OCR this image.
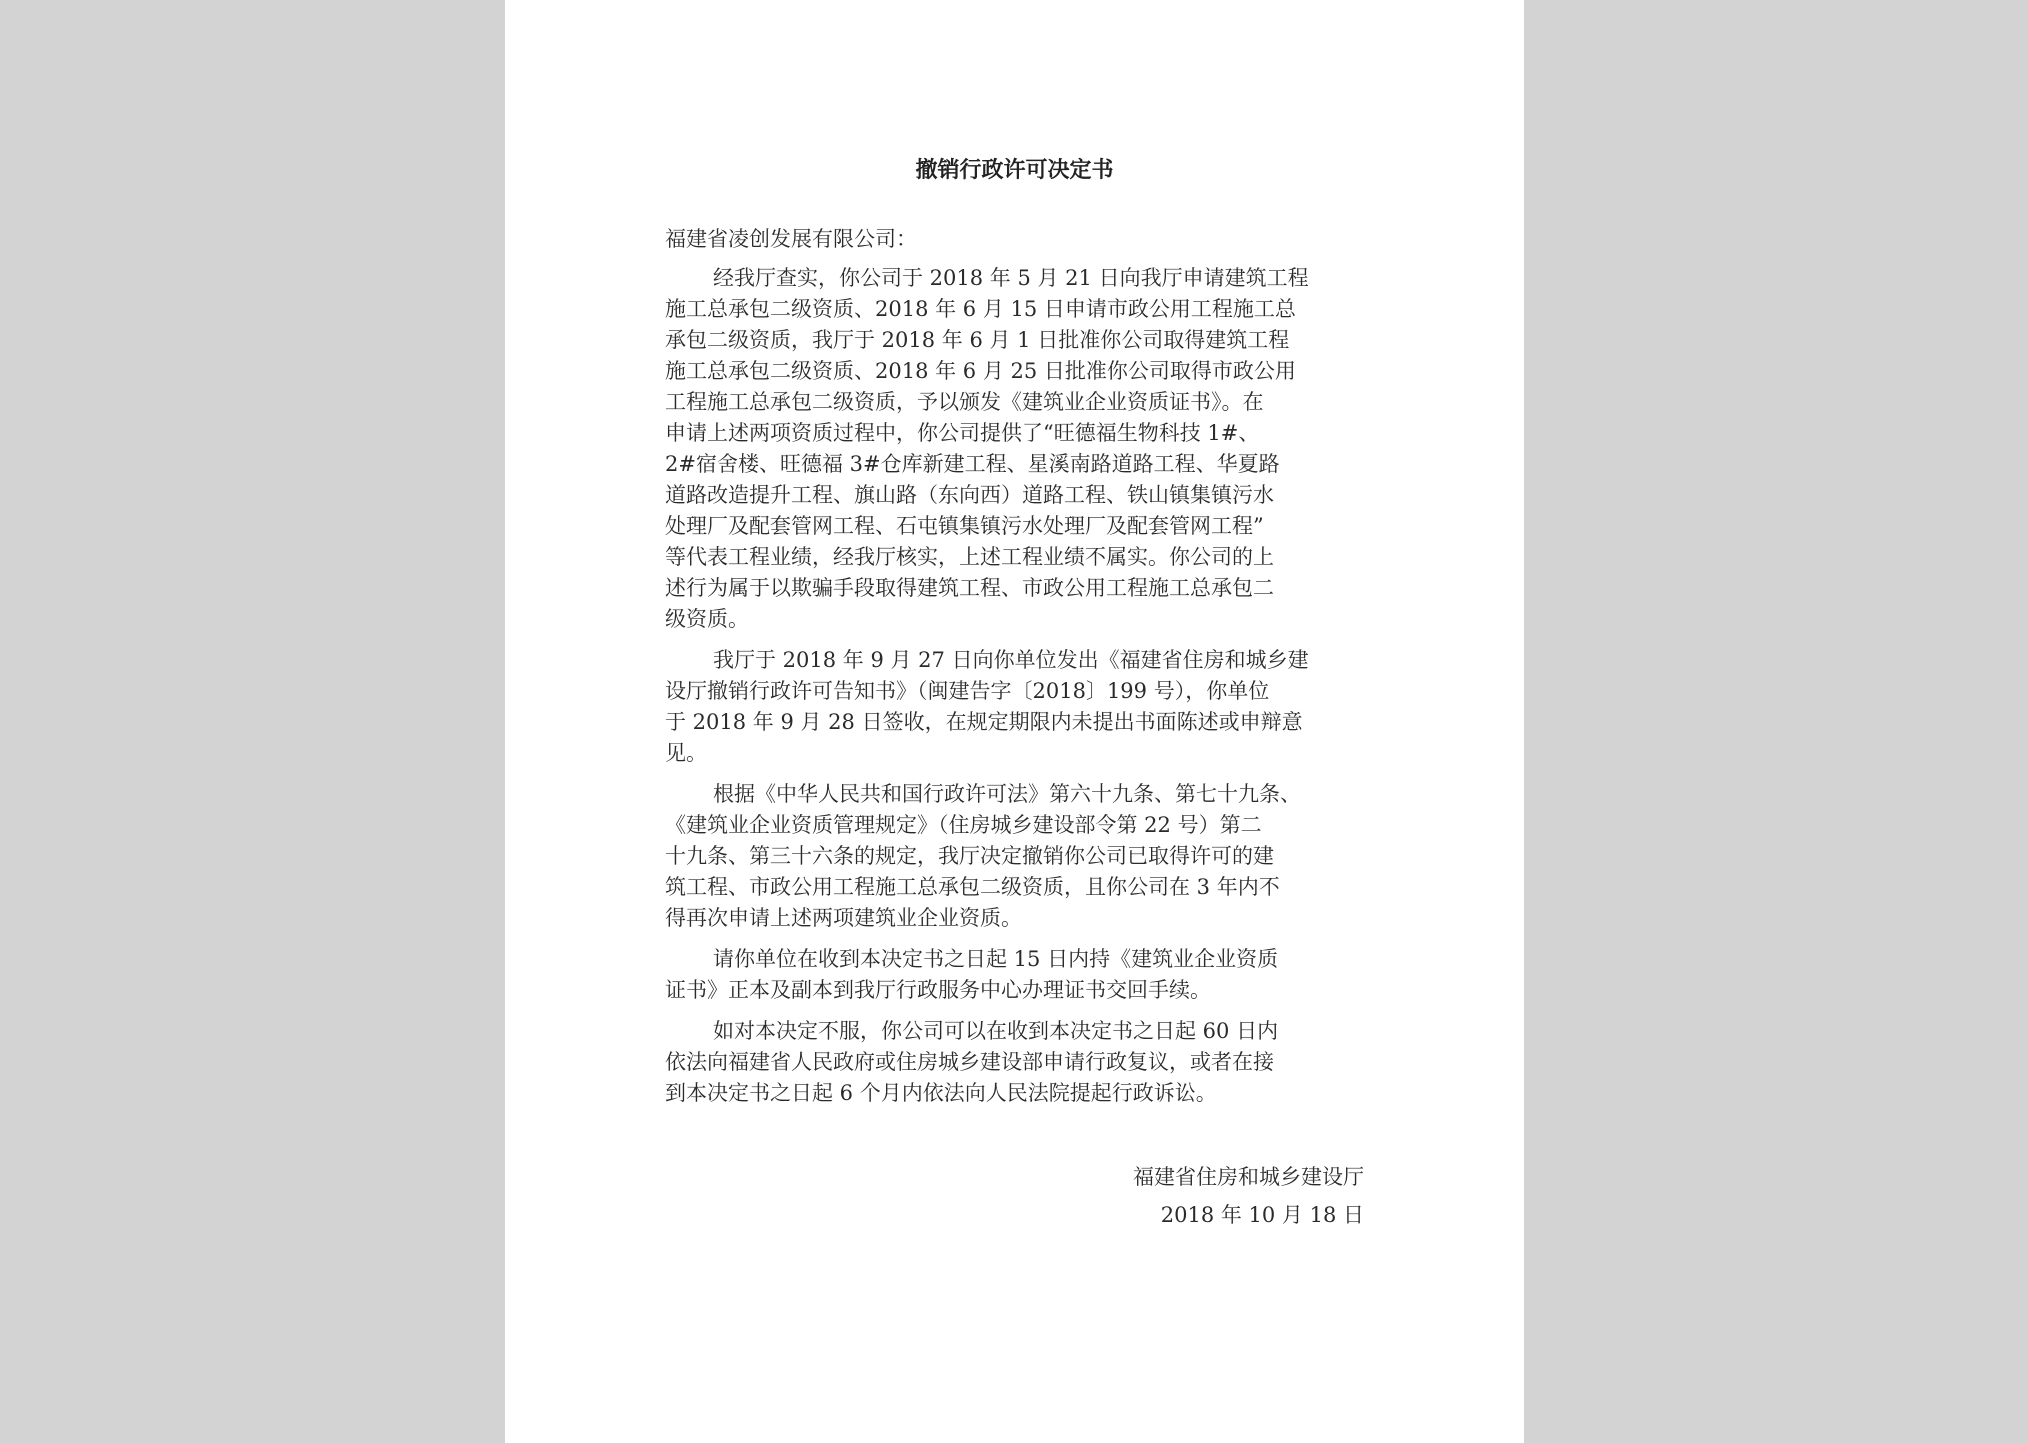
撤销行政许可决定书
福建省凌创发展有限公司：
经我厅查实，你公司于 2018 年 5 月 21 日向我厅申请建筑工程
施工总承包二级资质、2018 年 6 月 15 日申请市政公用工程施工总
承包二级资质，我厅于 2018 年 6 月 1 日批准你公司取得建筑工程
施工总承包二级资质、2018 年 6 月 25 日批准你公司取得市政公用
工程施工总承包二级资质，予以颁发《建筑业企业资质证书》。在
申请上述两项资质过程中，你公司提供了“旺德福生物科技 1#、
2#宿舍楼、旺德福 3#仓库新建工程、星溪南路道路工程、华夏路
道路改造提升工程、旗山路（东向西）道路工程、铁山镇集镇污水
处理厂及配套管网工程、石屯镇集镇污水处理厂及配套管网工程”
等代表工程业绩，经我厅核实，上述工程业绩不属实。你公司的上
述行为属于以欺骗手段取得建筑工程、市政公用工程施工总承包二
级资质。
我厅于 2018 年 9 月 27 日向你单位发出《福建省住房和城乡建
设厅撤销行政许可告知书》（闽建告字〔2018〕199 号），你单位
于 2018 年 9 月 28 日签收，在规定期限内未提出书面陈述或申辩意
见。
根据《中华人民共和国行政许可法》第六十九条、第七十九条、
《建筑业企业资质管理规定》（住房城乡建设部令第 22 号）第二
十九条、第三十六条的规定，我厅决定撤销你公司已取得许可的建
筑工程、市政公用工程施工总承包二级资质，且你公司在 3 年内不
得再次申请上述两项建筑业企业资质。
请你单位在收到本决定书之日起 15 日内持《建筑业企业资质
证书》正本及副本到我厅行政服务中心办理证书交回手续。
如对本决定不服，你公司可以在收到本决定书之日起 60 日内
依法向福建省人民政府或住房城乡建设部申请行政复议，或者在接
到本决定书之日起 6 个月内依法向人民法院提起行政诉讼。
福建省住房和城乡建设厅
2018 年 10 月 18 日
